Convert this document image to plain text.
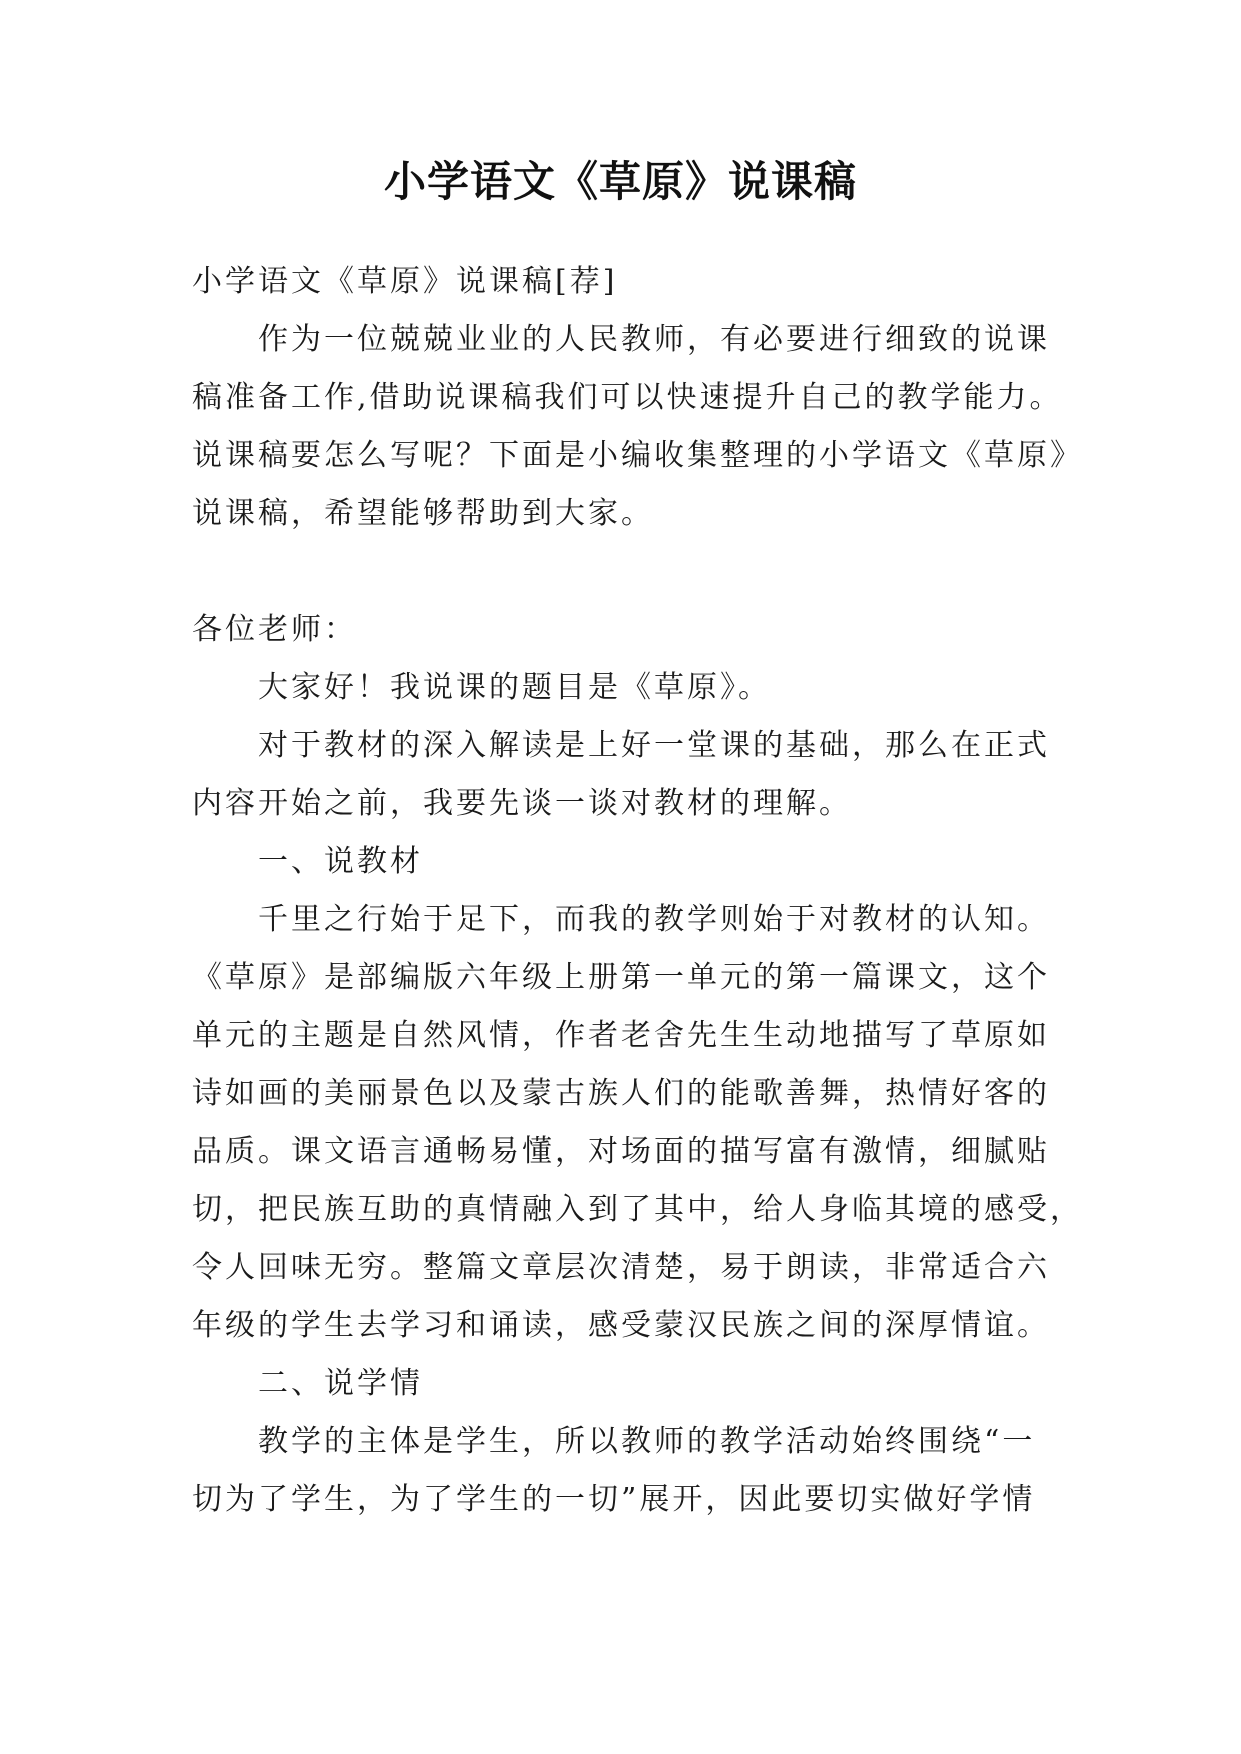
小学语文《草原》说课稿
小学语文《草原》说课稿[荐]
作为一位兢兢业业的人民教师，有必要进行细致的说课
稿准备工作,借助说课稿我们可以快速提升自己的教学能力。
说课稿要怎么写呢？下面是小编收集整理的小学语文《草原》
说课稿，希望能够帮助到大家。
各位老师：
大家好！我说课的题目是《草原》。
对于教材的深入解读是上好一堂课的基础，那么在正式
内容开始之前，我要先谈一谈对教材的理解。
一、说教材
千里之行始于足下，而我的教学则始于对教材的认知。
《草原》是部编版六年级上册第一单元的第一篇课文，这个
单元的主题是自然风情，作者老舍先生生动地描写了草原如
诗如画的美丽景色以及蒙古族人们的能歌善舞，热情好客的
品质。课文语言通畅易懂，对场面的描写富有激情，细腻贴
切，把民族互助的真情融入到了其中，给人身临其境的感受，
令人回味无穷。整篇文章层次清楚，易于朗读，非常适合六
年级的学生去学习和诵读，感受蒙汉民族之间的深厚情谊。
二、说学情
教学的主体是学生，所以教师的教学活动始终围绕“一
切为了学生，为了学生的一切”展开，因此要切实做好学情
